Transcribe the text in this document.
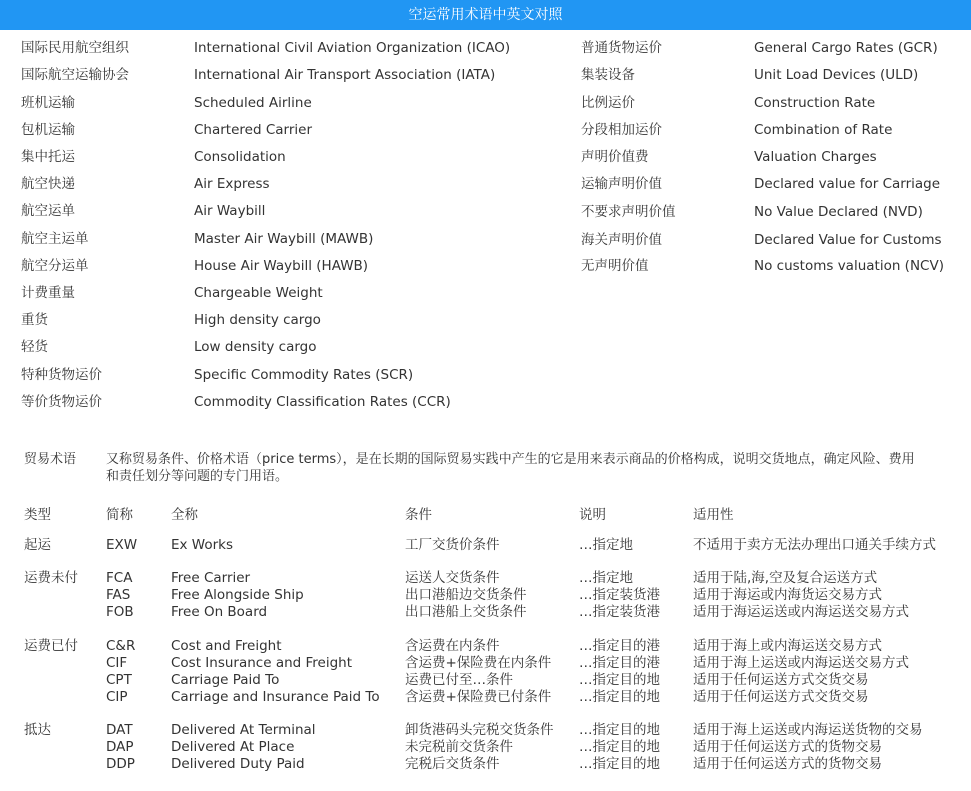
空运常用术语中英文对照
国际民用航空组织	International Civil Aviation Organization (ICAO)
国际航空运输协会	International Air Transport Association (IATA)
班机运输	Scheduled Airline
包机运输	Chartered Carrier
集中托运	Consolidation
航空快递	Air Express
航空运单	Air Waybill
航空主运单	Master Air Waybill (MAWB)
航空分运单	House Air Waybill (HAWB)
计费重量	Chargeable Weight
重货	High density cargo
轻货	Low density cargo
特种货物运价	Specific Commodity Rates (SCR)
等价货物运价	Commodity Classification Rates (CCR)
普通货物运价	General Cargo Rates (GCR)
集装设备	Unit Load Devices (ULD)
比例运价	Construction Rate
分段相加运价	Combination of Rate
声明价值费	Valuation Charges
运输声明价值	Declared value for Carriage
不要求声明价值	No Value Declared (NVD)
海关声明价值	Declared Value for Customs
无声明价值	No customs valuation (NCV)
贸易术语 又称贸易条件、价格术语（price terms），是在长期的国际贸易实践中产生的它是用来表示商品的价格构成，说明交货地点，确定风险、费用和责任划分等问题的专门用语。
类型	简称	全称	条件	说明	适用性
起运	EXW	Ex Works	工厂交货价条件	…指定地	不适用于卖方无法办理出口通关手续方式
运费未付 FCA	Free Carrier	运送人交货条件	…指定地	适用于陆,海,空及复合运送方式
FAS	Free Alongside Ship	出口港船边交货条件	…指定装货港 适用于海运或内海货运交易方式
FOB	Free On Board	出口港船上交货条件	…指定装货港 适用于海运运送或内海运送交易方式
运费已付 C&R	Cost and Freight	含运费在内条件	…指定目的港 适用于海上或内海运送交易方式
CIF	Cost Insurance and Freight	含运费+保险费在内条件 …指定目的港 适用于海上运送或内海运送交易方式
CPT	Carriage Paid To	运费已付至…条件	…指定目的地 适用于任何运送方式交货交易
CIP	Carriage and Insurance Paid To 含运费+保险费已付条件 …指定目的地 适用于任何运送方式交货交易
抵达	DAT	Delivered At Terminal	卸货港码头完税交货条件 …指定目的地 适用于海上运送或内海运送货物的交易
DAP	Delivered At Place	未完税前交货条件	…指定目的地 适用于任何运送方式的货物交易
DDP	Delivered Duty Paid	完税后交货条件	…指定目的地 适用于任何运送方式的货物交易
